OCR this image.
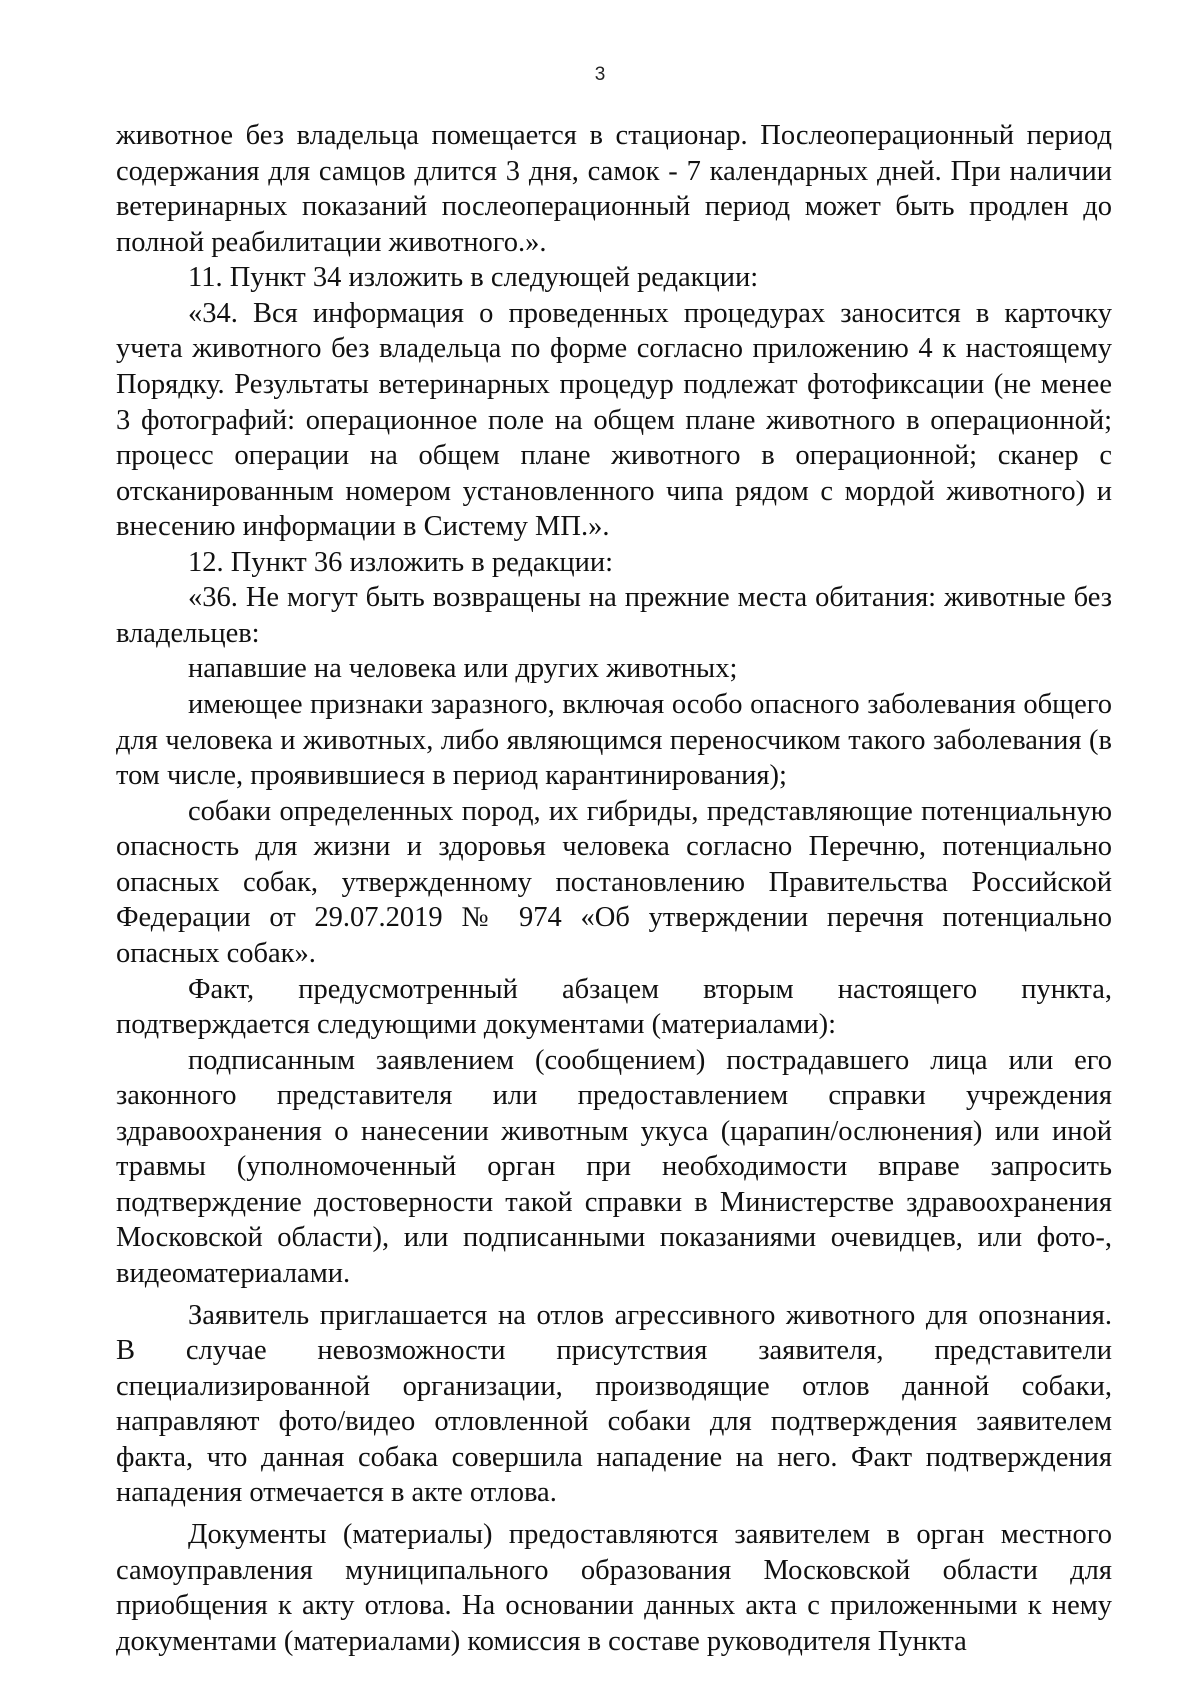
3

животное без владельца помещается в стационар. Послеоперационный период содержания для самцов длится 3 дня, самок - 7 календарных дней. При наличии ветеринарных показаний послеоперационный период может быть продлен до полной реабилитации животного.».

11. Пункт 34 изложить в следующей редакции:

«34. Вся информация о проведенных процедурах заносится в карточку учета животного без владельца по форме согласно приложению 4 к настоящему Порядку. Результаты ветеринарных процедур подлежат фотофиксации (не менее 3 фотографий: операционное поле на общем плане животного в операционной; процесс операции на общем плане животного в операционной; сканер с отсканированным номером установленного чипа рядом с мордой животного) и внесению информации в Систему МП.».

12. Пункт 36 изложить в редакции:

«36. Не могут быть возвращены на прежние места обитания: животные без владельцев:

напавшие на человека или других животных;

имеющее признаки заразного, включая особо опасного заболевания общего для человека и животных, либо являющимся переносчиком такого заболевания (в том числе, проявившиеся в период карантинирования);

собаки определенных пород, их гибриды, представляющие потенциальную опасность для жизни и здоровья человека согласно Перечню, потенциально опасных собак, утвержденному постановлению Правительства Российской Федерации от 29.07.2019 № 974 «Об утверждении перечня потенциально опасных собак».

Факт, предусмотренный абзацем вторым настоящего пункта, подтверждается следующими документами (материалами):

подписанным заявлением (сообщением) пострадавшего лица или его законного представителя или предоставлением справки учреждения здравоохранения о нанесении животным укуса (царапин/ослюнения) или иной травмы (уполномоченный орган при необходимости вправе запросить подтверждение достоверности такой справки в Министерстве здравоохранения Московской области), или подписанными показаниями очевидцев, или фото-, видеоматериалами.

Заявитель приглашается на отлов агрессивного животного для опознания. В случае невозможности присутствия заявителя, представители специализированной организации, производящие отлов данной собаки, направляют фото/видео отловленной собаки для подтверждения заявителем факта, что данная собака совершила нападение на него. Факт подтверждения нападения отмечается в акте отлова.

Документы (материалы) предоставляются заявителем в орган местного самоуправления муниципального образования Московской области для приобщения к акту отлова. На основании данных акта с приложенными к нему документами (материалами) комиссия в составе руководителя Пункта
